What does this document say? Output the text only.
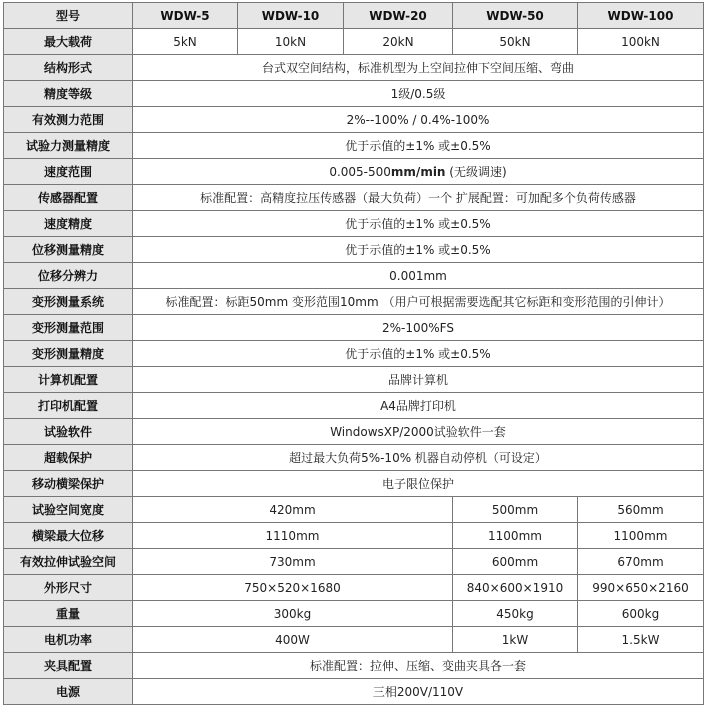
型号	WDW-5	WDW-10	WDW-20	WDW-50	WDW-100
最大载荷	5kN	10kN	20kN	50kN	100kN
结构形式	台式双空间结构，标准机型为上空间拉伸下空间压缩、弯曲				
精度等级	1级/0.5级				
有效测力范围	2%--100% / 0.4%-100%				
试验力测量精度	优于示值的±1% 或±0.5%				
速度范围	0.005-500mm/min (无级调速)				
传感器配置	标准配置：高精度拉压传感器（最大负荷）一个 扩展配置：可加配多个负荷传感器				
速度精度	优于示值的±1% 或±0.5%				
位移测量精度	优于示值的±1% 或±0.5%				
位移分辨力	0.001mm				
变形测量系统	标准配置：标距50mm 变形范围10mm （用户可根据需要选配其它标距和变形范围的引伸计）				
变形测量范围	2%-100%FS				
变形测量精度	优于示值的±1% 或±0.5%				
计算机配置	品牌计算机				
打印机配置	A4品牌打印机				
试验软件	WindowsXP/2000试验软件一套				
超载保护	超过最大负荷5%-10% 机器自动停机（可设定）				
移动横梁保护	电子限位保护				
试验空间宽度	420mm			500mm	560mm
横梁最大位移	1110mm			1100mm	1100mm
有效拉伸试验空间	730mm			600mm	670mm
外形尺寸	750×520×1680			840×600×1910	990×650×2160
重量	300kg			450kg	600kg
电机功率	400W			1kW	1.5kW
夹具配置	标准配置：拉伸、压缩、变曲夹具各一套				
电源	三相200V/110V				
